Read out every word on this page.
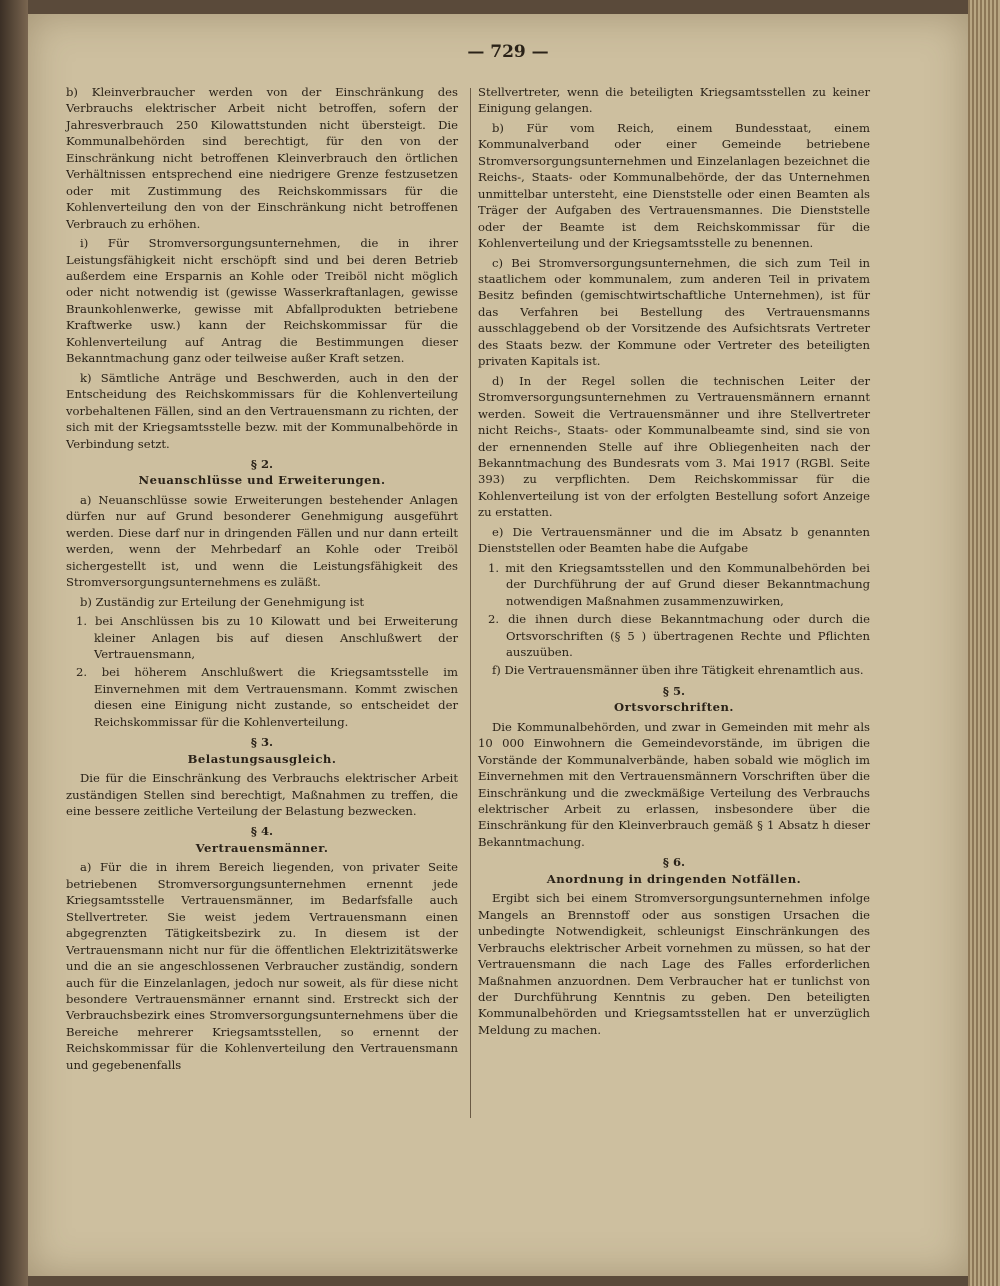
— 729 —

b) Kleinverbraucher werden von der Einschränkung des Verbrauchs elektrischer Arbeit nicht betroffen, sofern der Jahresverbrauch 250 Kilowattstunden nicht übersteigt. Die Kommunalbehörden sind berechtigt, für den von der Einschränkung nicht betroffenen Kleinverbrauch den örtlichen Verhältnissen entsprechend eine niedrigere Grenze festzusetzen oder mit Zustimmung des Reichskommissars für die Kohlenverteilung den von der Einschränkung nicht betroffenen Verbrauch zu erhöhen.

i) Für Stromversorgungsunternehmen, die in ihrer Leistungsfähigkeit nicht erschöpft sind und bei deren Betrieb außerdem eine Ersparnis an Kohle oder Treiböl nicht möglich oder nicht notwendig ist (gewisse Wasserkraftanlagen, gewisse Braunkohlenwerke, gewisse mit Abfallprodukten betriebene Kraftwerke usw.) kann der Reichskommissar für die Kohlenverteilung auf Antrag die Bestimmungen dieser Bekanntmachung ganz oder teilweise außer Kraft setzen.

k) Sämtliche Anträge und Beschwerden, auch in den der Entscheidung des Reichskommissars für die Kohlenverteilung vorbehaltenen Fällen, sind an den Vertrauensmann zu richten, der sich mit der Kriegsamtsstelle bezw. mit der Kommunalbehörde in Verbindung setzt.

§ 2.

Neuanschlüsse und Erweiterungen.

a) Neuanschlüsse sowie Erweiterungen bestehender Anlagen dürfen nur auf Grund besonderer Genehmigung ausgeführt werden. Diese darf nur in dringenden Fällen und nur dann erteilt werden, wenn der Mehrbedarf an Kohle oder Treiböl sichergestellt ist, und wenn die Leistungsfähigkeit des Stromversorgungsunternehmens es zuläßt.

b) Zuständig zur Erteilung der Genehmigung ist

1. bei Anschlüssen bis zu 10 Kilowatt und bei Erweiterung kleiner Anlagen bis auf diesen Anschlußwert der Vertrauensmann,

2. bei höherem Anschlußwert die Kriegsamtsstelle im Einvernehmen mit dem Vertrauensmann. Kommt zwischen diesen eine Einigung nicht zustande, so entscheidet der Reichskommissar für die Kohlenverteilung.

§ 3.

Belastungsausgleich.

Die für die Einschränkung des Verbrauchs elektrischer Arbeit zuständigen Stellen sind berechtigt, Maßnahmen zu treffen, die eine bessere zeitliche Verteilung der Belastung bezwecken.

§ 4.

Vertrauensmänner.

a) Für die in ihrem Bereich liegenden, von privater Seite betriebenen Stromversorgungsunternehmen ernennt jede Kriegsamtsstelle Vertrauensmänner, im Bedarfsfalle auch Stellvertreter. Sie weist jedem Vertrauensmann einen abgegrenzten Tätigkeitsbezirk zu. In diesem ist der Vertrauensmann nicht nur für die öffentlichen Elektrizitätswerke und die an sie angeschlossenen Verbraucher zuständig, sondern auch für die Einzelanlagen, jedoch nur soweit, als für diese nicht besondere Vertrauensmänner ernannt sind. Erstreckt sich der Verbrauchsbezirk eines Stromversorgungsunternehmens über die Bereiche mehrerer Kriegsamtsstellen, so ernennt der Reichskommissar für die Kohlenverteilung den Vertrauensmann und gegebenenfalls

Stellvertreter, wenn die beteiligten Kriegsamtsstellen zu keiner Einigung gelangen.

b) Für vom Reich, einem Bundesstaat, einem Kommunalverband oder einer Gemeinde betriebene Stromversorgungsunternehmen und Einzelanlagen bezeichnet die Reichs-, Staats- oder Kommunalbehörde, der das Unternehmen unmittelbar untersteht, eine Dienststelle oder einen Beamten als Träger der Aufgaben des Vertrauensmannes. Die Dienststelle oder der Beamte ist dem Reichskommissar für die Kohlenverteilung und der Kriegsamtsstelle zu benennen.

c) Bei Stromversorgungsunternehmen, die sich zum Teil in staatlichem oder kommunalem, zum anderen Teil in privatem Besitz befinden (gemischtwirtschaftliche Unternehmen), ist für das Verfahren bei Bestellung des Vertrauensmanns ausschlaggebend ob der Vorsitzende des Aufsichtsrats Vertreter des Staats bezw. der Kommune oder Vertreter des beteiligten privaten Kapitals ist.

d) In der Regel sollen die technischen Leiter der Stromversorgungsunternehmen zu Vertrauensmännern ernannt werden. Soweit die Vertrauensmänner und ihre Stellvertreter nicht Reichs-, Staats- oder Kommunalbeamte sind, sind sie von der ernennenden Stelle auf ihre Obliegenheiten nach der Bekanntmachung des Bundesrats vom 3. Mai 1917 (RGBl. Seite 393) zu verpflichten. Dem Reichskommissar für die Kohlenverteilung ist von der erfolgten Bestellung sofort Anzeige zu erstatten.

e) Die Vertrauensmänner und die im Absatz b genannten Dienststellen oder Beamten habe die Aufgabe

1. mit den Kriegsamtsstellen und den Kommunalbehörden bei der Durchführung der auf Grund dieser Bekanntmachung notwendigen Maßnahmen zusammenzuwirken,

2. die ihnen durch diese Bekanntmachung oder durch die Ortsvorschriften (§ 5 ) übertragenen Rechte und Pflichten auszuüben.

f) Die Vertrauensmänner üben ihre Tätigkeit ehrenamtlich aus.

§ 5.

Ortsvorschriften.

Die Kommunalbehörden, und zwar in Gemeinden mit mehr als 10 000 Einwohnern die Gemeindevorstände, im übrigen die Vorstände der Kommunalverbände, haben sobald wie möglich im Einvernehmen mit den Vertrauensmännern Vorschriften über die Einschränkung und die zweckmäßige Verteilung des Verbrauchs elektrischer Arbeit zu erlassen, insbesondere über die Einschränkung für den Kleinverbrauch gemäß § 1 Absatz h dieser Bekanntmachung.

§ 6.

Anordnung in dringenden Notfällen.

Ergibt sich bei einem Stromversorgungsunternehmen infolge Mangels an Brennstoff oder aus sonstigen Ursachen die unbedingte Notwendigkeit, schleunigst Einschränkungen des Verbrauchs elektrischer Arbeit vornehmen zu müssen, so hat der Vertrauensmann die nach Lage des Falles erforderlichen Maßnahmen anzuordnen. Dem Verbraucher hat er tunlichst von der Durchführung Kenntnis zu geben. Den beteiligten Kommunalbehörden und Kriegsamtsstellen hat er unverzüglich Meldung zu machen.
